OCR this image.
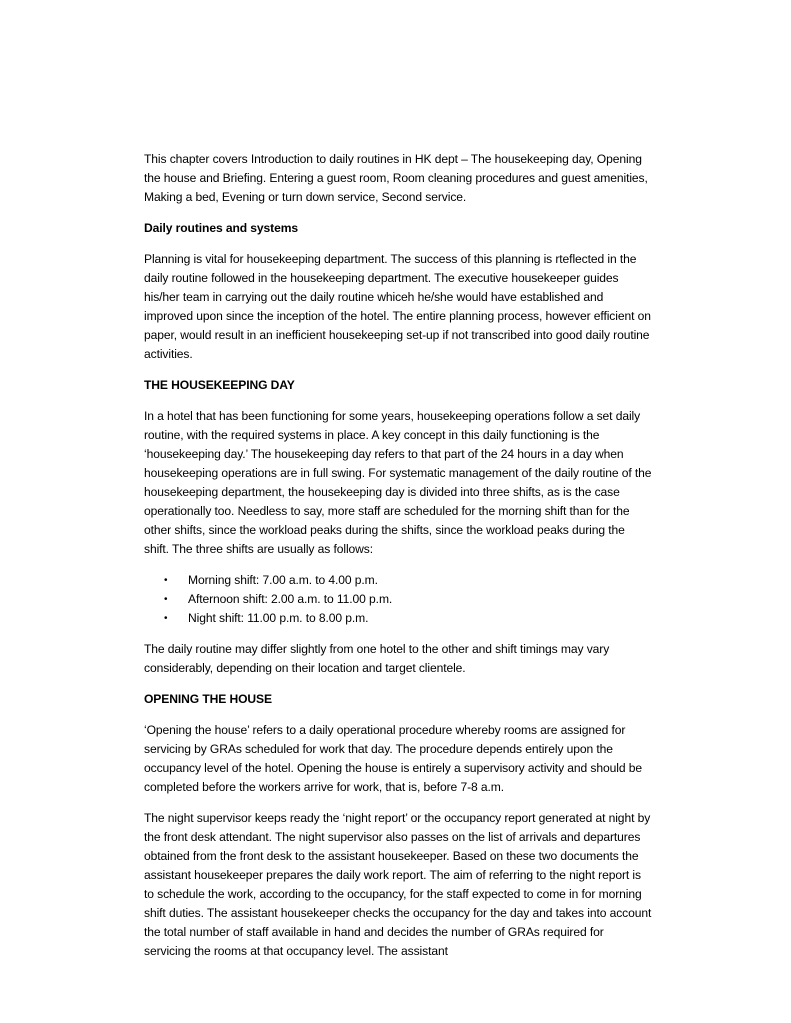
This chapter covers Introduction to daily routines in HK dept – The housekeeping day, Opening the house and Briefing. Entering a guest room, Room cleaning procedures and guest amenities, Making a bed, Evening or turn down service, Second service.

Daily routines and systems

Planning is vital for housekeeping department. The success of this planning is rteflected in the daily routine followed in the housekeeping department. The executive housekeeper guides his/her team in carrying out the daily routine whiceh he/she would have established and improved upon since the inception of the hotel. The entire planning process, however efficient on paper, would result in an inefficient housekeeping set-up if not transcribed into good daily routine activities.

THE HOUSEKEEPING DAY

In a hotel that has been functioning for some years, housekeeping operations follow a set daily routine, with the required systems in place. A key concept in this daily functioning is the ‘housekeeping day.’ The housekeeping day refers to that part of the 24 hours in a day when housekeeping operations are in full swing. For systematic management of the daily routine of the housekeeping department, the housekeeping day is divided into three shifts, as is the case operationally too. Needless to say, more staff are scheduled for the morning shift than for the other shifts, since the workload peaks during the shifts, since the workload peaks during the shift. The three shifts are usually as follows:

• Morning shift: 7.00 a.m. to 4.00 p.m.
• Afternoon shift: 2.00 a.m. to 11.00 p.m.
• Night shift: 11.00 p.m. to 8.00 p.m.

The daily routine may differ slightly from one hotel to the other and shift timings may vary considerably, depending on their location and target clientele.

OPENING THE HOUSE

‘Opening the house’ refers to a daily operational procedure whereby rooms are assigned for servicing by GRAs scheduled for work that day. The procedure depends entirely upon the occupancy level of the hotel. Opening the house is entirely a supervisory activity and should be completed before the workers arrive for work, that is, before 7-8 a.m.

The night supervisor keeps ready the ‘night report’ or the occupancy report generated at night by the front desk attendant. The night supervisor also passes on the list of arrivals and departures obtained from the front desk to the assistant housekeeper. Based on these two documents the assistant housekeeper prepares the daily work report. The aim of referring to the night report is to schedule the work, according to the occupancy, for the staff expected to come in for morning shift duties. The assistant housekeeper checks the occupancy for the day and takes into account the total number of staff available in hand and decides the number of GRAs required for servicing the rooms at that occupancy level. The assistant
